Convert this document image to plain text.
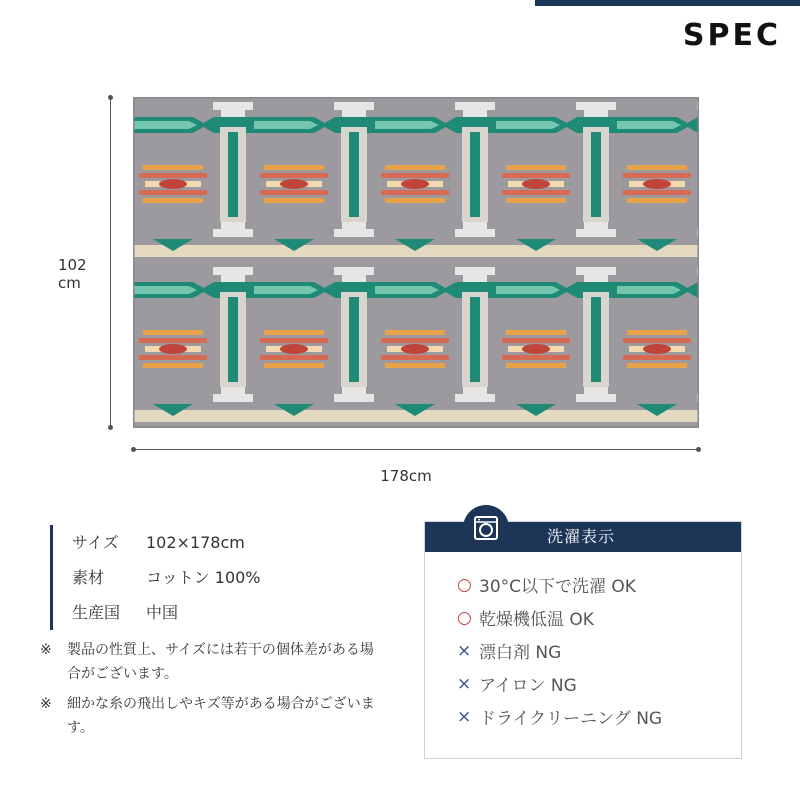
SPEC
102
cm
178cm
サイズ	102×178cm
素材	コットン 100%
生産国	中国
※	製品の性質上、サイズには若干の個体差がある場合がございます。
※	細かな糸の飛出しやキズ等がある場合がございます。
洗濯表示
○ 30°C以下で洗濯 OK
○ 乾燥機低温 OK
× 漂白剤 NG
× アイロン NG
× ドライクリーニング NG
